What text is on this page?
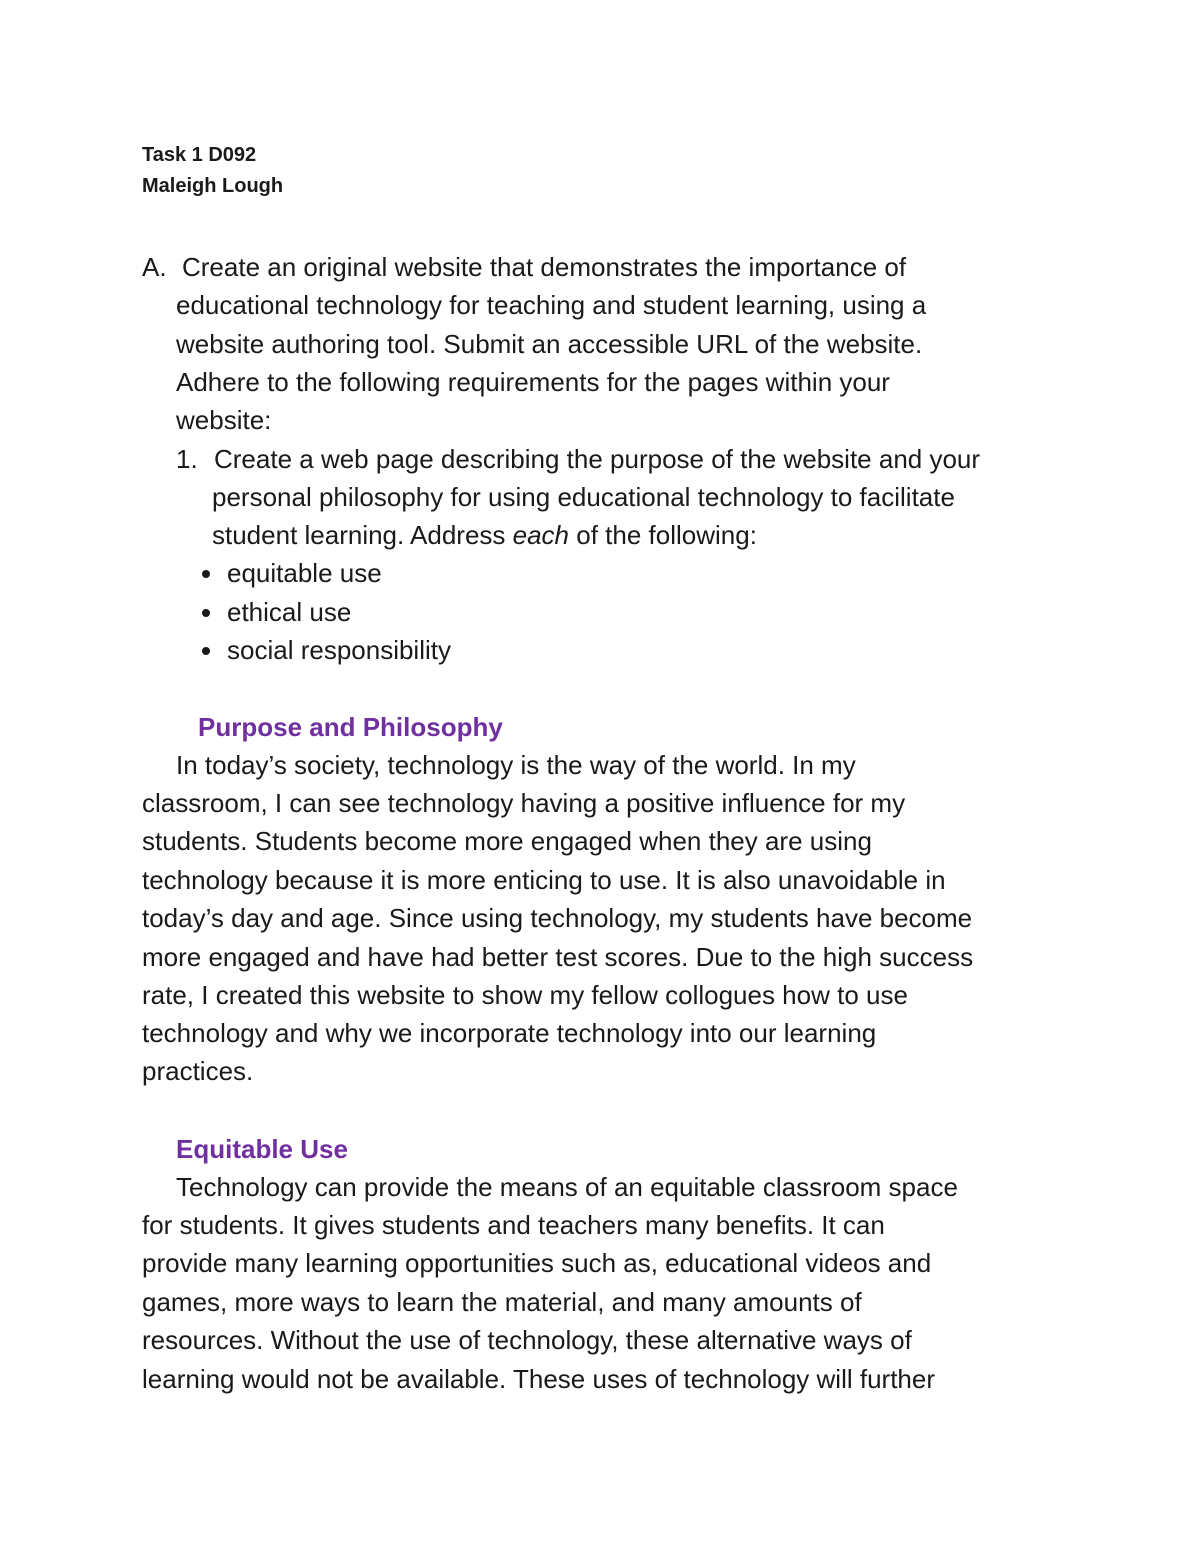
Task 1 D092

Maleigh Lough

A. Create an original website that demonstrates the importance of

educational technology for teaching and student learning, using a

website authoring tool. Submit an accessible URL of the website.

Adhere to the following requirements for the pages within your

website:

1. Create a web page describing the purpose of the website and your

personal philosophy for using educational technology to facilitate

student learning. Address each of the following:

equitable use

ethical use

social responsibility

Purpose and Philosophy

In today’s society, technology is the way of the world. In my

classroom, I can see technology having a positive influence for my

students. Students become more engaged when they are using

technology because it is more enticing to use. It is also unavoidable in

today’s day and age. Since using technology, my students have become

more engaged and have had better test scores. Due to the high success

rate, I created this website to show my fellow collogues how to use

technology and why we incorporate technology into our learning

practices.

Equitable Use

Technology can provide the means of an equitable classroom space

for students. It gives students and teachers many benefits. It can

provide many learning opportunities such as, educational videos and

games, more ways to learn the material, and many amounts of

resources. Without the use of technology, these alternative ways of

learning would not be available. These uses of technology will further
